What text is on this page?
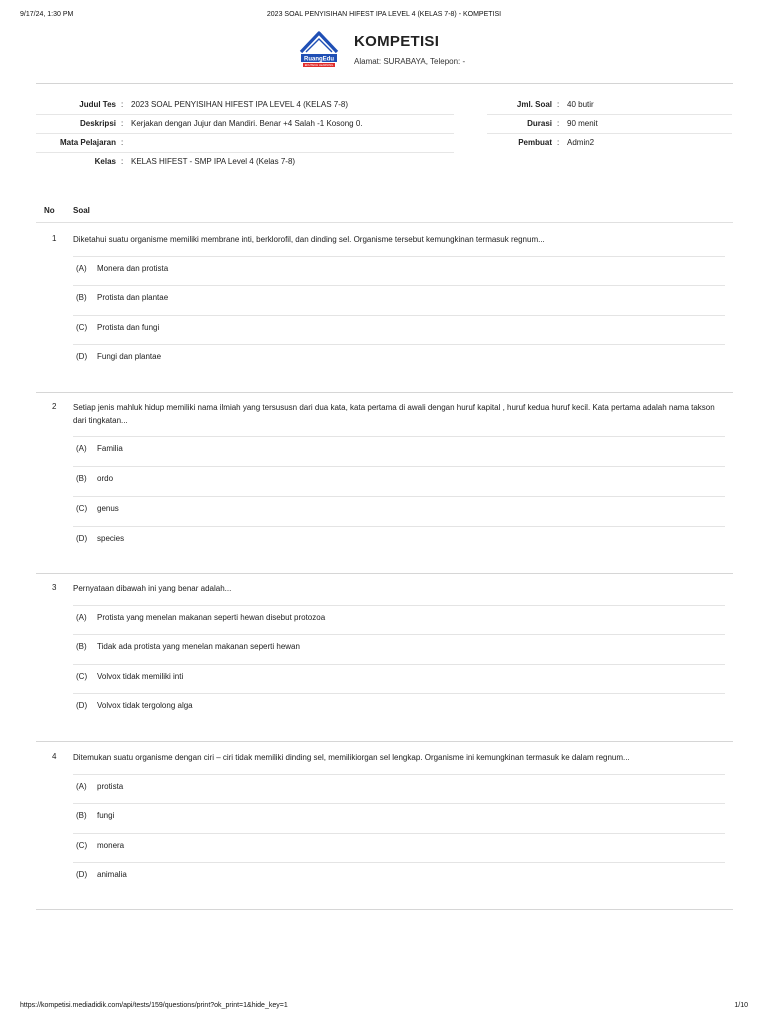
9/17/24, 1:30 PM	2023 SOAL PENYISIHAN HIFEST IPA LEVEL 4 (KELAS 7-8) - KOMPETISI
RuangEdu
EDUTECH LEARNING
KOMPETISI
Alamat: SURABAYA, Telepon: -
Judul Tes : 2023 SOAL PENYISIHAN HIFEST IPA LEVEL 4 (KELAS 7-8)
Deskripsi : Kerjakan dengan Jujur dan Mandiri. Benar +4 Salah -1 Kosong 0.
Mata Pelajaran :
Kelas : KELAS HIFEST - SMP IPA Level 4 (Kelas 7-8)
Jml. Soal : 40 butir
Durasi : 90 menit
Pembuat : Admin2
No Soal
1 Diketahui suatu organisme memiliki membrane inti, berklorofil, dan dinding sel. Organisme tersebut kemungkinan termasuk regnum...
(A) Monera dan protista
(B) Protista dan plantae
(C) Protista dan fungi
(D) Fungi dan plantae
2 Setiap jenis mahluk hidup memiliki nama ilmiah yang tersususn dari dua kata, kata pertama di awali dengan huruf kapital , huruf kedua huruf kecil. Kata pertama adalah nama takson dari tingkatan...
(A) Familia
(B) ordo
(C) genus
(D) species
3 Pernyataan dibawah ini yang benar adalah...
(A) Protista yang menelan makanan seperti hewan disebut protozoa
(B) Tidak ada protista yang menelan makanan seperti hewan
(C) Volvox tidak memiliki inti
(D) Volvox tidak tergolong alga
4 Ditemukan suatu organisme dengan ciri – ciri tidak memiliki dinding sel, memilikiorgan sel lengkap. Organisme ini kemungkinan termasuk ke dalam regnum...
(A) protista
(B) fungi
(C) monera
(D) animalia
https://kompetisi.mediadidik.com/api/tests/159/questions/print?ok_print=1&hide_key=1	1/10
